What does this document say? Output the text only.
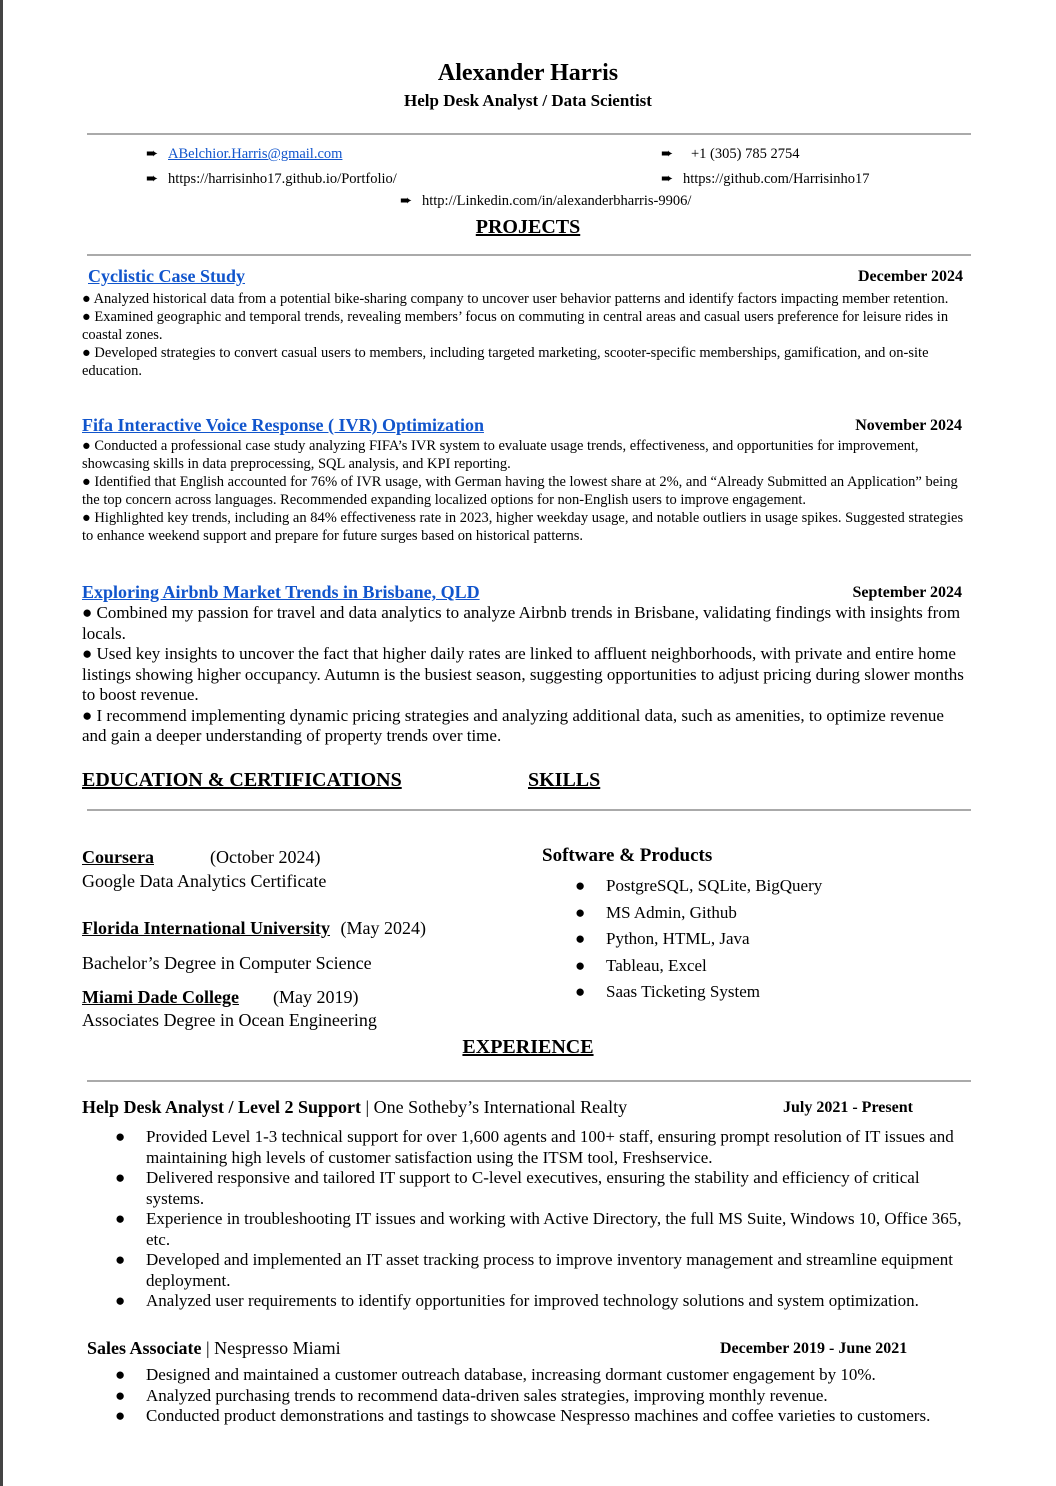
Alexander Harris
Help Desk Analyst / Data Scientist
➨ ABelchior.Harris@gmail.com	➨ +1 (305) 785 2754
➨ https://harrisinho17.github.io/Portfolio/	➨ https://github.com/Harrisinho17
➨ http://Linkedin.com/in/alexanderbharris-9906/
PROJECTS
Cyclistic Case Study	December 2024
● Analyzed historical data from a potential bike-sharing company to uncover user behavior patterns and identify factors impacting member retention.
● Examined geographic and temporal trends, revealing members’ focus on commuting in central areas and casual users preference for leisure rides in coastal zones.
● Developed strategies to convert casual users to members, including targeted marketing, scooter-specific memberships, gamification, and on-site education.
Fifa Interactive Voice Response ( IVR) Optimization	November 2024
● Conducted a professional case study analyzing FIFA’s IVR system to evaluate usage trends, effectiveness, and opportunities for improvement, showcasing skills in data preprocessing, SQL analysis, and KPI reporting.
● Identified that English accounted for 76% of IVR usage, with German having the lowest share at 2%, and “Already Submitted an Application” being the top concern across languages. Recommended expanding localized options for non-English users to improve engagement.
● Highlighted key trends, including an 84% effectiveness rate in 2023, higher weekday usage, and notable outliers in usage spikes. Suggested strategies to enhance weekend support and prepare for future surges based on historical patterns.
Exploring Airbnb Market Trends in Brisbane, QLD	September 2024
● Combined my passion for travel and data analytics to analyze Airbnb trends in Brisbane, validating findings with insights from locals.
● Used key insights to uncover the fact that higher daily rates are linked to affluent neighborhoods, with private and entire home listings showing higher occupancy. Autumn is the busiest season, suggesting opportunities to adjust pricing during slower months to boost revenue.
● I recommend implementing dynamic pricing strategies and analyzing additional data, such as amenities, to optimize revenue and gain a deeper understanding of property trends over time.
EDUCATION & CERTIFICATIONS	SKILLS
Coursera	(October 2024)
Google Data Analytics Certificate
Florida International University (May 2024)
Bachelor’s Degree in Computer Science
Miami Dade College (May 2019)
Associates Degree in Ocean Engineering
Software & Products
● PostgreSQL, SQLite, BigQuery
● MS Admin, Github
● Python, HTML, Java
● Tableau, Excel
● Saas Ticketing System
EXPERIENCE
Help Desk Analyst / Level 2 Support | One Sotheby’s International Realty	July 2021 - Present
● Provided Level 1-3 technical support for over 1,600 agents and 100+ staff, ensuring prompt resolution of IT issues and maintaining high levels of customer satisfaction using the ITSM tool, Freshservice.
● Delivered responsive and tailored IT support to C-level executives, ensuring the stability and efficiency of critical systems.
● Experience in troubleshooting IT issues and working with Active Directory, the full MS Suite, Windows 10, Office 365, etc.
● Developed and implemented an IT asset tracking process to improve inventory management and streamline equipment deployment.
● Analyzed user requirements to identify opportunities for improved technology solutions and system optimization.
Sales Associate | Nespresso Miami	December 2019 - June 2021
● Designed and maintained a customer outreach database, increasing dormant customer engagement by 10%.
● Analyzed purchasing trends to recommend data-driven sales strategies, improving monthly revenue.
● Conducted product demonstrations and tastings to showcase Nespresso machines and coffee varieties to customers.
